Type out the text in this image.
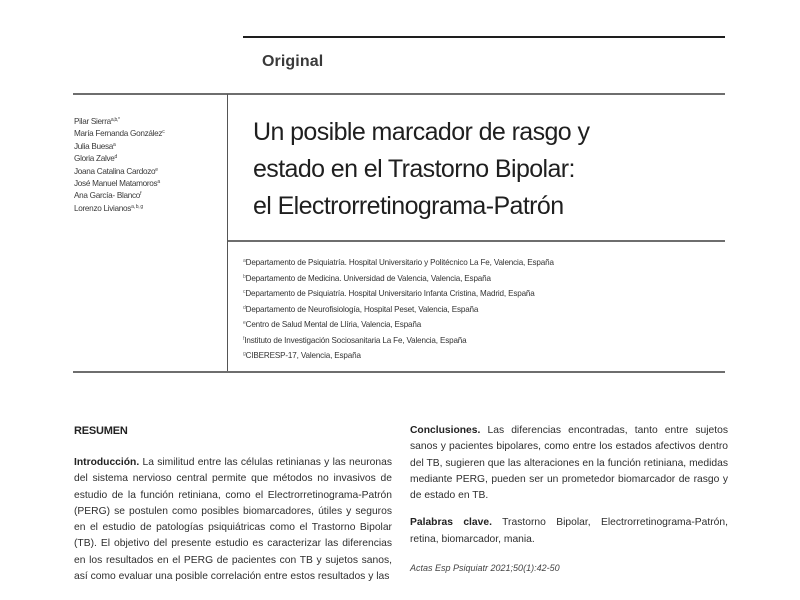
Original
Pilar Sierra$^{a,b,*}$
María Fernanda González$^c$
Julia Buesa$^a$
Gloria Zalve$^d$
Joana Catalina Cardozo$^e$
José Manuel Matamoros$^a$
Ana García- Blanco$^f$
Lorenzo Livianos$^{a, b, g}$
Un posible marcador de rasgo y
estado en el Trastorno Bipolar:
el Electrorretinograma-Patrón
$^a$Departamento de Psiquiatría. Hospital Universitario y Politécnico La Fe, Valencia, España
$^b$Departamento de Medicina. Universidad de Valencia, Valencia, España
$^c$Departamento de Psiquiatría. Hospital Universitario Infanta Cristina, Madrid, España
$^d$Departamento de Neurofisiología, Hospital Peset, Valencia, España
$^e$Centro de Salud Mental de Llíria, Valencia, España
$^f$Instituto de Investigación Sociosanitaria La Fe, Valencia, España
$^g$CIBERESP-17, Valencia, España
RESUMEN

Introducción. La similitud entre las células retinianas y las neuronas del sistema nervioso central permite que métodos no invasivos de estudio de la función retiniana, como el Electrorretinograma-Patrón (PERG) se postulen como posibles biomarcadores, útiles y seguros en el estudio de patologías psiquiátricas como el Trastorno Bipolar (TB). El objetivo del presente estudio es caracterizar las diferencias en los resultados en el PERG de pacientes con TB y sujetos sanos, así como evaluar una posible correlación entre estos resultados y las

Conclusiones. Las diferencias encontradas, tanto entre sujetos sanos y pacientes bipolares, como entre los estados afectivos dentro del TB, sugieren que las alteraciones en la función retiniana, medidas mediante PERG, pueden ser un prometedor biomarcador de rasgo y de estado en TB.

Palabras clave. Trastorno Bipolar, Electrorretinograma-Patrón, retina, biomarcador, mania.

Actas Esp Psiquiatr 2021;50(1):42-50
